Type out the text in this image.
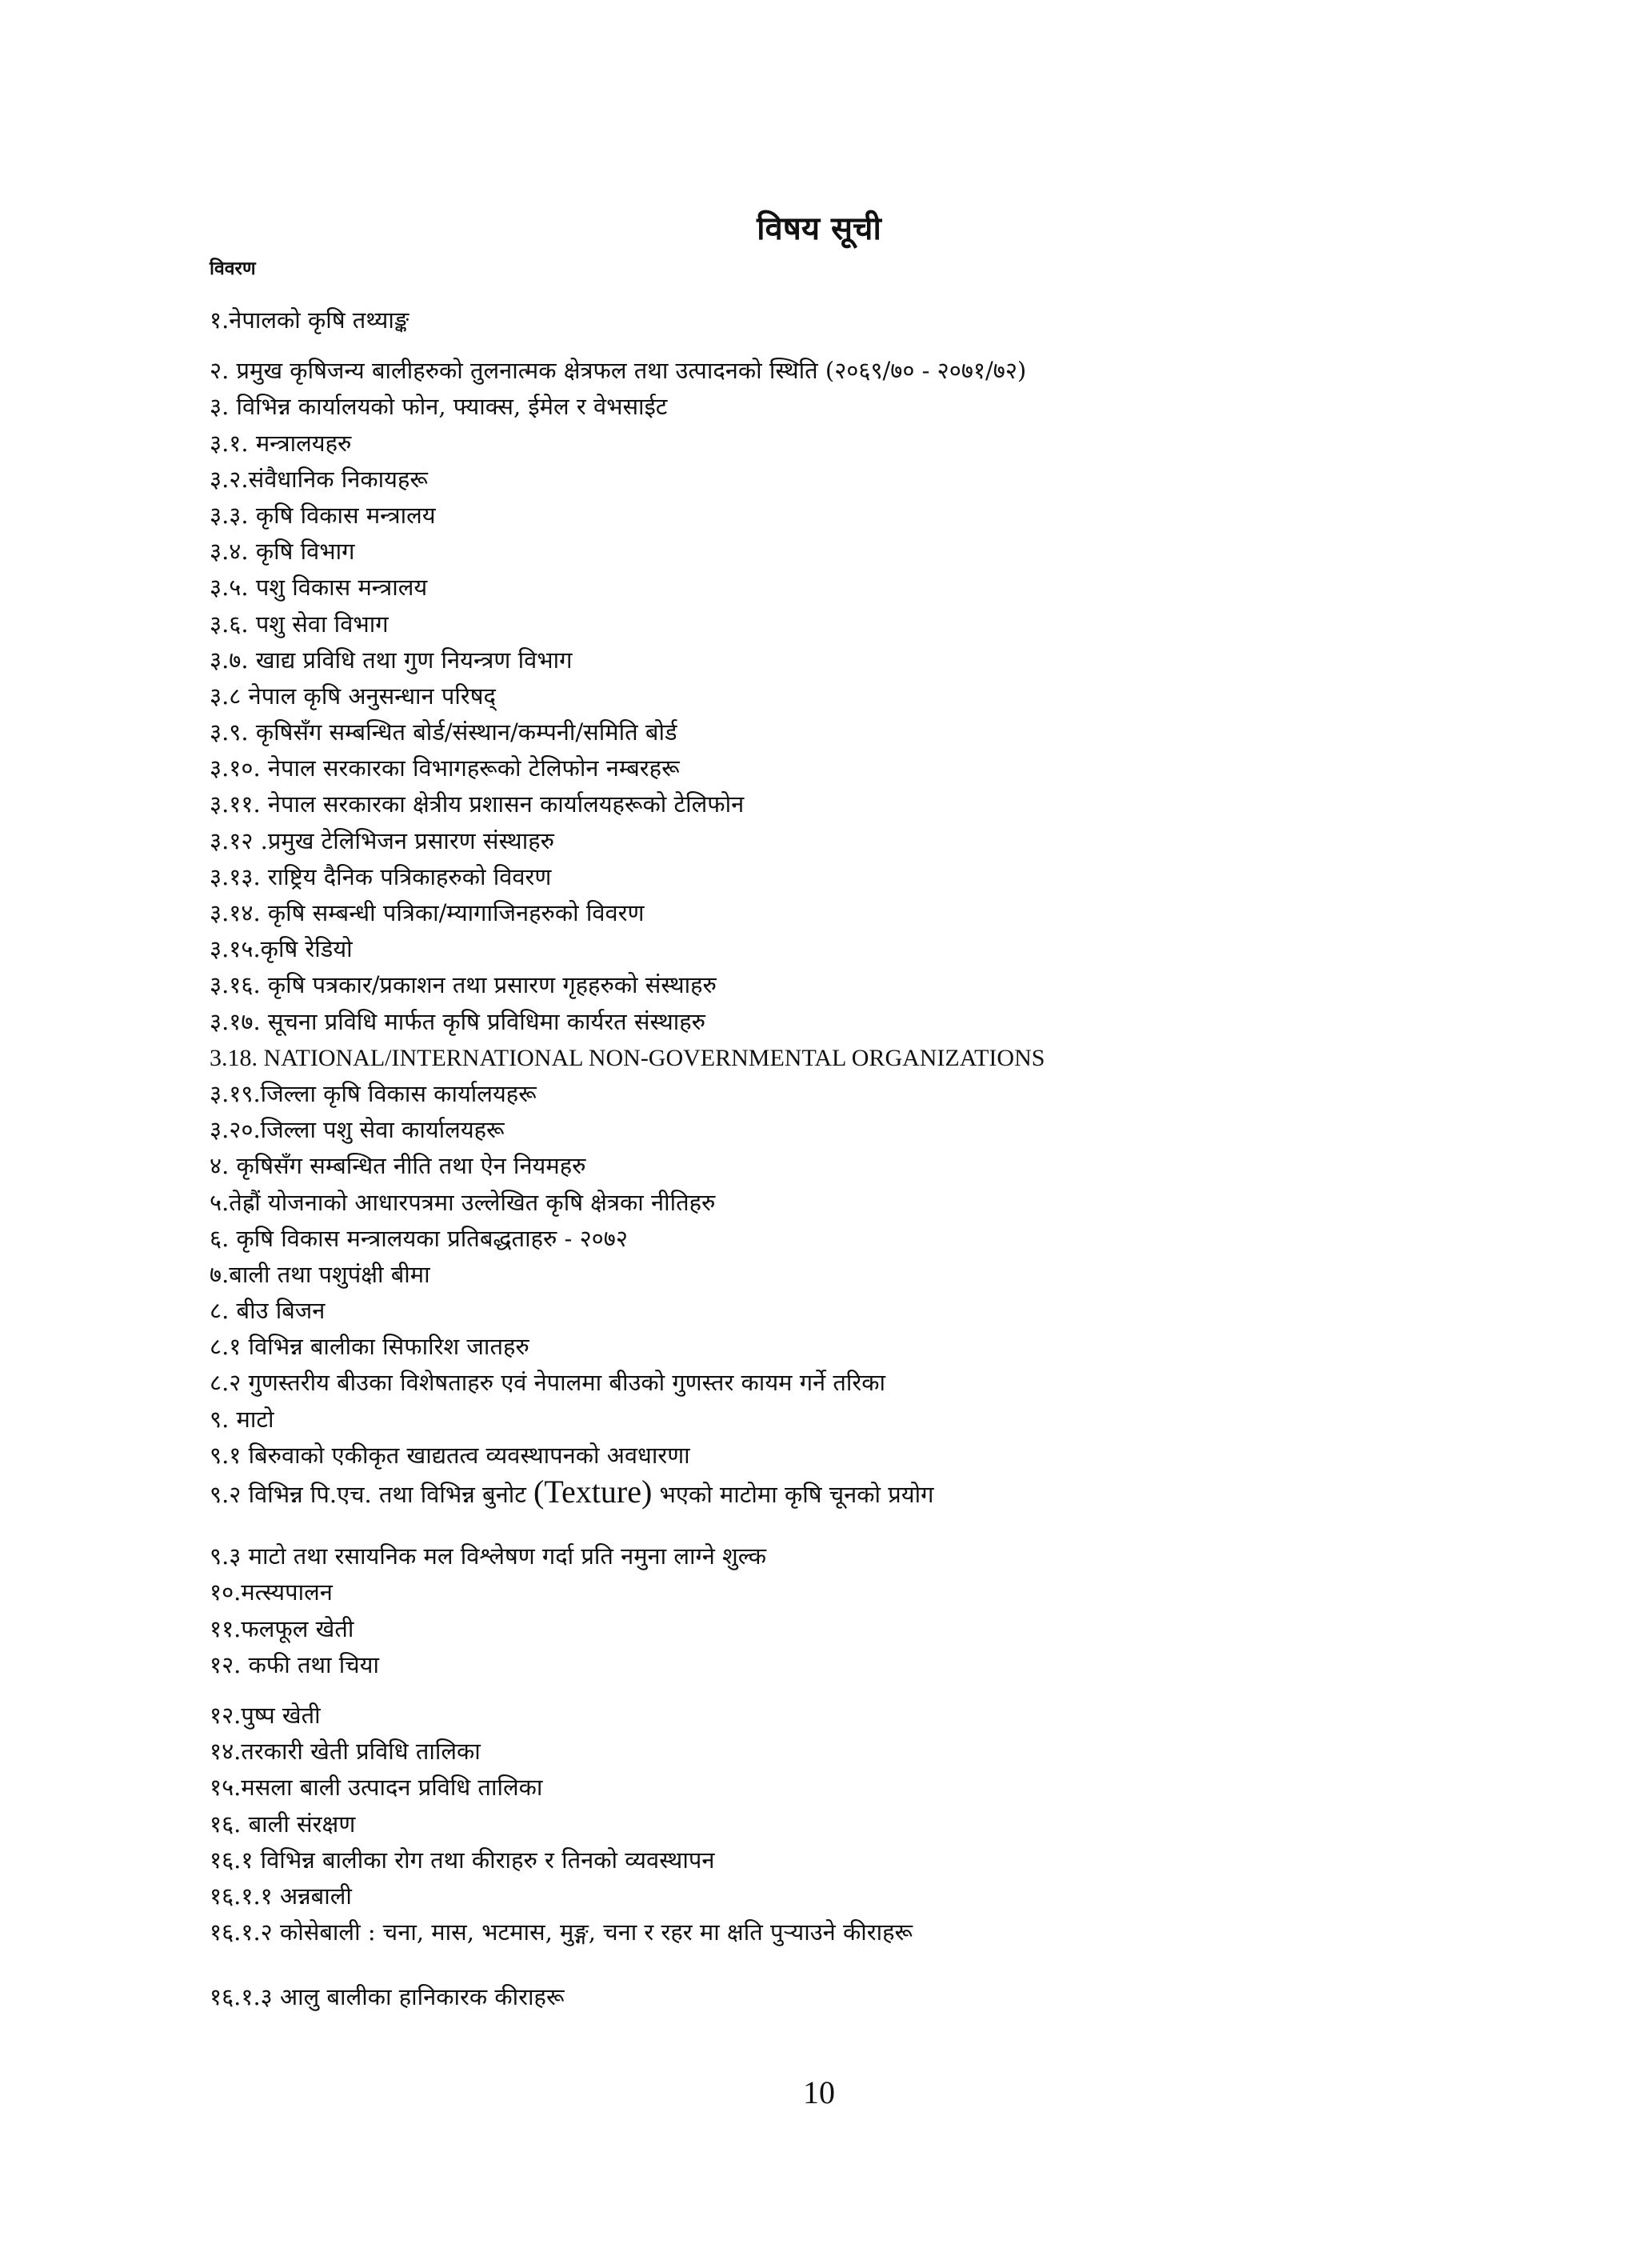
विषय सूची
विवरण
१.नेपालको कृषि तथ्याङ्क
२. प्रमुख कृषिजन्य बालीहरुको तुलनात्मक क्षेत्रफल तथा उत्पादनको स्थिति (२०६९/७० - २०७१/७२)
३. विभिन्न कार्यालयको फोन, फ्याक्स, ईमेल र वेभसाईट
३.१. मन्त्रालयहरु
३.२.संवैधानिक निकायहरू
३.३. कृषि विकास मन्त्रालय
३.४. कृषि विभाग
३.५. पशु विकास मन्त्रालय
३.६. पशु सेवा विभाग
३.७. खाद्य प्रविधि तथा गुण नियन्त्रण विभाग
३.८ नेपाल कृषि अनुसन्धान परिषद्
३.९. कृषिसँग सम्बन्धित बोर्ड/संस्थान/कम्पनी/समिति बोर्ड
३.१०. नेपाल सरकारका विभागहरूको टेलिफोन नम्बरहरू
३.११. नेपाल सरकारका क्षेत्रीय प्रशासन कार्यालयहरूको टेलिफोन
३.१२ .प्रमुख टेलिभिजन प्रसारण संस्थाहरु
३.१३. राष्ट्रिय दैनिक पत्रिकाहरुको विवरण
३.१४. कृषि सम्बन्धी पत्रिका/म्यागाजिनहरुको विवरण
३.१५.कृषि रेडियो
३.१६. कृषि पत्रकार/प्रकाशन तथा प्रसारण गृहहरुको संस्थाहरु
३.१७. सूचना प्रविधि मार्फत कृषि प्रविधिमा कार्यरत संस्थाहरु
3.18. NATIONAL/INTERNATIONAL NON-GOVERNMENTAL ORGANIZATIONS
३.१९.जिल्ला कृषि विकास कार्यालयहरू
३.२०.जिल्ला पशु सेवा कार्यालयहरू
४. कृषिसँग सम्बन्धित नीति तथा ऐन नियमहरु
५.तेह्रौं योजनाको आधारपत्रमा उल्लेखित कृषि क्षेत्रका नीतिहरु
६. कृषि विकास मन्त्रालयका प्रतिबद्धताहरु - २०७२
७.बाली तथा पशुपंक्षी बीमा
८. बीउ बिजन
८.१ विभिन्न बालीका सिफारिश जातहरु
८.२ गुणस्तरीय बीउका विशेषताहरु एवं नेपालमा बीउको गुणस्तर कायम गर्ने तरिका
९. माटो
९.१ बिरुवाको एकीकृत खाद्यतत्व व्यवस्थापनको अवधारणा
९.२ विभिन्न पि.एच. तथा विभिन्न बुनोट (Texture) भएको माटोमा कृषि चूनको प्रयोग
९.३ माटो तथा रसायनिक मल विश्लेषण गर्दा प्रति नमुना लाग्ने शुल्क
१०.मत्स्यपालन
११.फलफूल खेती
१२. कफी तथा चिया
१२.पुष्प खेती
१४.तरकारी खेती प्रविधि तालिका
१५.मसला बाली उत्पादन प्रविधि तालिका
१६. बाली संरक्षण
१६.१ विभिन्न बालीका रोग तथा कीराहरु र तिनको व्यवस्थापन
१६.१.१ अन्नबाली
१६.१.२ कोसेबाली : चना, मास, भटमास, मुङ्ग, चना र रहर मा क्षति पुऱ्याउने कीराहरू
१६.१.३ आलु बालीका हानिकारक कीराहरू
10
